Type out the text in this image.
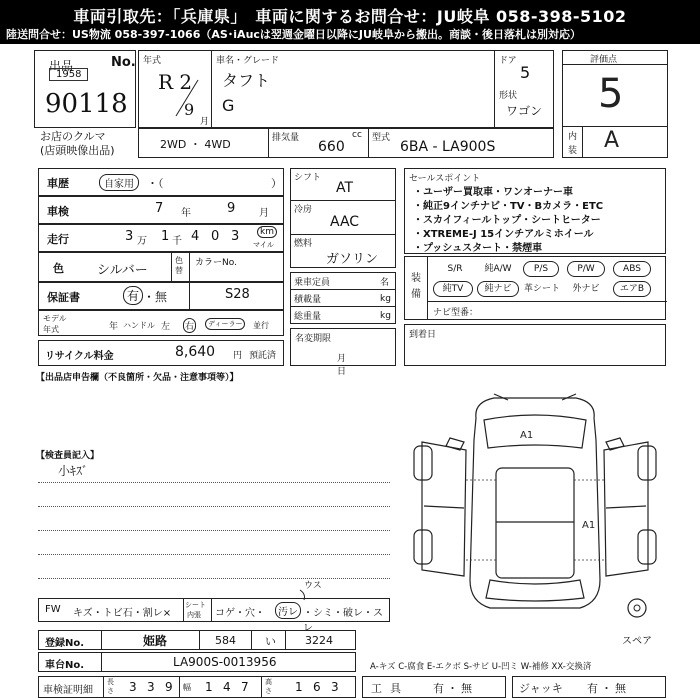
車両引取先：「兵庫県」　車両に関するお問合せ：JU岐阜 058-398-5102
陸送問合せ：US物流 058-397-1066（AS･iAucは翌週金曜日以降にJU岐阜から搬出。商談・後日落札は別対応）
出品	No.
1958
90118
お店のクルマ
(店頭映像出品)
年式
R 2
9
月
車名・グレード
タフト
G
ドア
5
形状
ワゴン
評価点
5
内
装 A
2WD ・ 4WD	排気量	cc
660
型式
6BA - LA900S
車歴	自家用	・（	）
車検	7 年	9 月
走行	3 万 1 千 4 0 3	km
マイル
色	シルバー
色替
カラーNo.
保証書	有 ・無	S28
モデル
年式	年 ハンドル 左 右	ディーラー	並行
リサイクル料金	8,640 円 預託済
シフト
AT
冷房
AAC
燃料
ガソリン
乗車定員	名
積載量	kg
総重量	kg
名変期限
月日
セールスポイント
・ユーザー買取車・ワンオーナー車
・純正9インチナビ・TV・Bカメラ・ETC
・スカイフィールトップ・シートヒーター
・XTREME-J 15インチアルミホイール
・プッシュスタート・禁煙車
装
備
S/R	純A/W	P/S	P/W	ABS
純TV	純ナビ	革シート	外ナビ	エアB
ナビ型番：
到着日
【出品店申告欄（不良箇所・欠品・注意事項等）】
【検査員記入】
小ｷｽﾞ
A1
A1
スペア
ウス
FW キズ・トビ石・割レ×
シート
内張 コゲ・穴・	汚レ ・シミ・破レ・スレ
登録No.	姫路	584	い	3224
車台No.	LA900S-0013956	A-キズ C-腐食 E-エクボ S-サビ U-凹ミ W-補修 XX-交換済
車検証明細
長さ 3 3 9 幅 1 4 7 高さ 1 6 3	工具 有・無	ジャッキ 有・無
